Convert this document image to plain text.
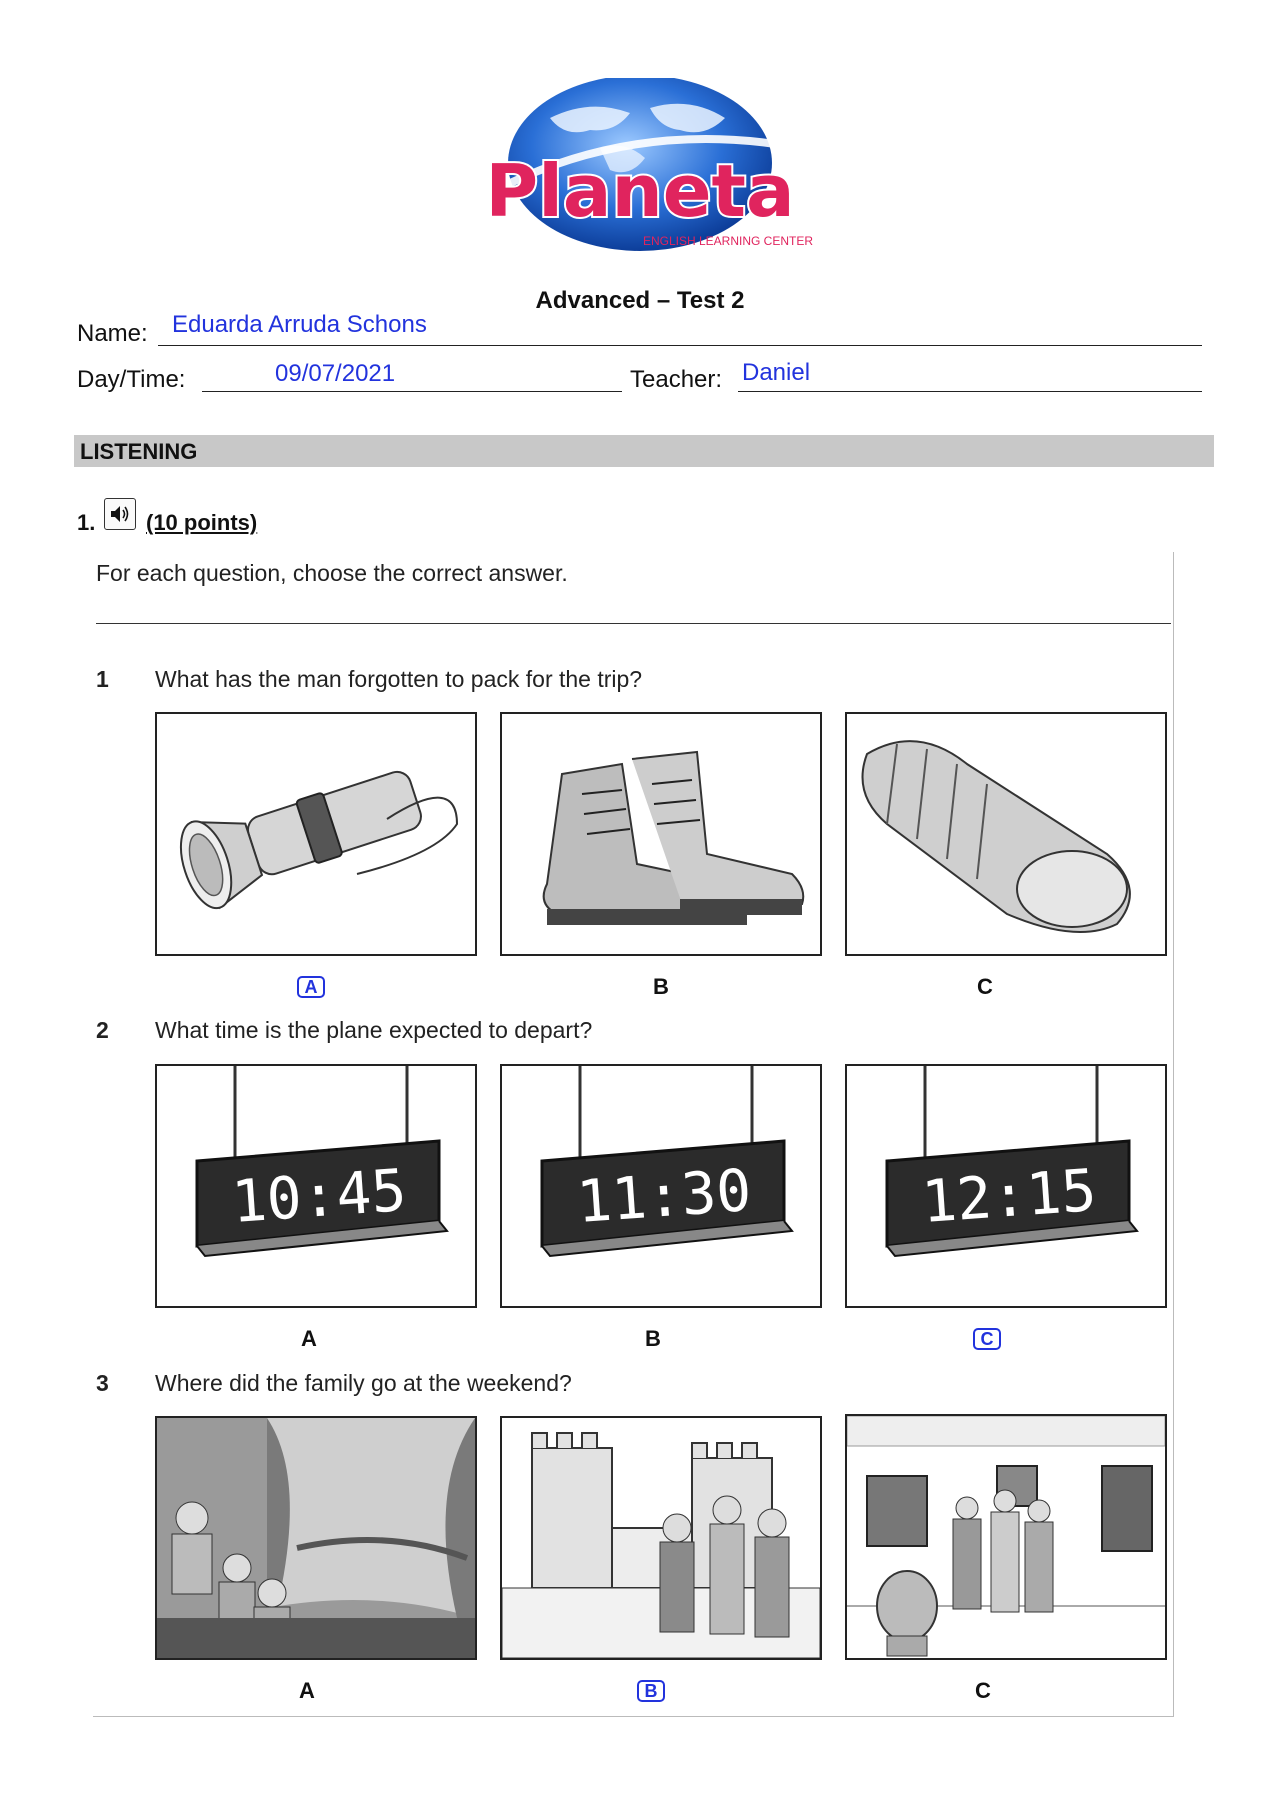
Planeta
ENGLISH LEARNING CENTER
Advanced – Test 2
Name: Eduarda Arruda Schons
Day/Time:	09/07/2021	Teacher: Daniel
LISTENING
1. (10 points)
For each question, choose the correct answer.
1 What has the man forgotten to pack for the trip?
A	B	C
2 What time is the plane expected to depart?
10:45	11:30	12:15
A	B	C
3 Where did the family go at the weekend?
A	B	C
